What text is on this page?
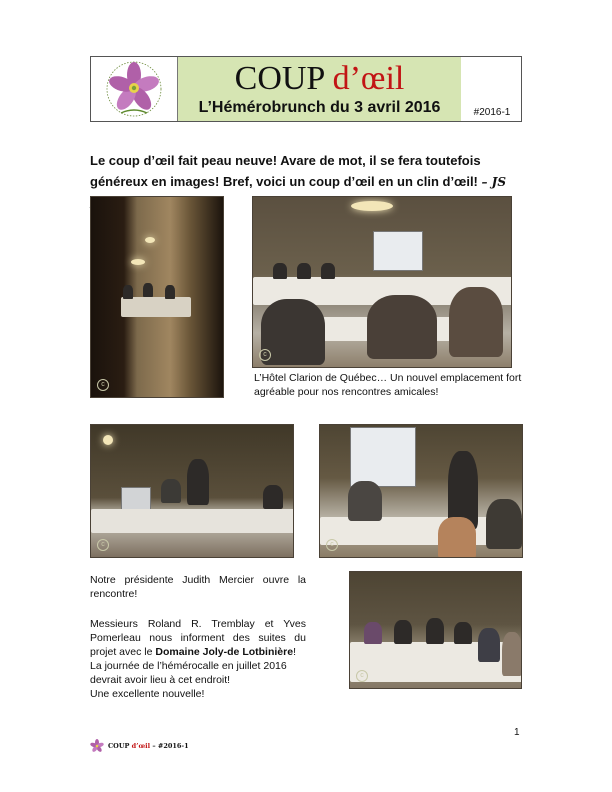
COUP d’œil
L’Hémérobrunch du 3 avril 2016	#2016-1
Le coup d’œil fait peau neuve! Avare de mot, il se fera toutefois généreux en images! Bref, voici un coup d’œil en un clin d’œil! – JS
c
c
L’Hôtel Clarion de Québec… Un nouvel emplacement fort agréable pour nos rencontres amicales!
c	c
Notre présidente Judith Mercier ouvre la rencontre!
Messieurs Roland R. Tremblay et Yves Pomerleau nous informent des suites du projet avec le Domaine Joly-de Lotbinière!
La journée de l’hémérocalle en juillet 2016 devrait avoir lieu à cet endroit!
Une excellente nouvelle!
c
1
COUP d’œil – #2016-1
